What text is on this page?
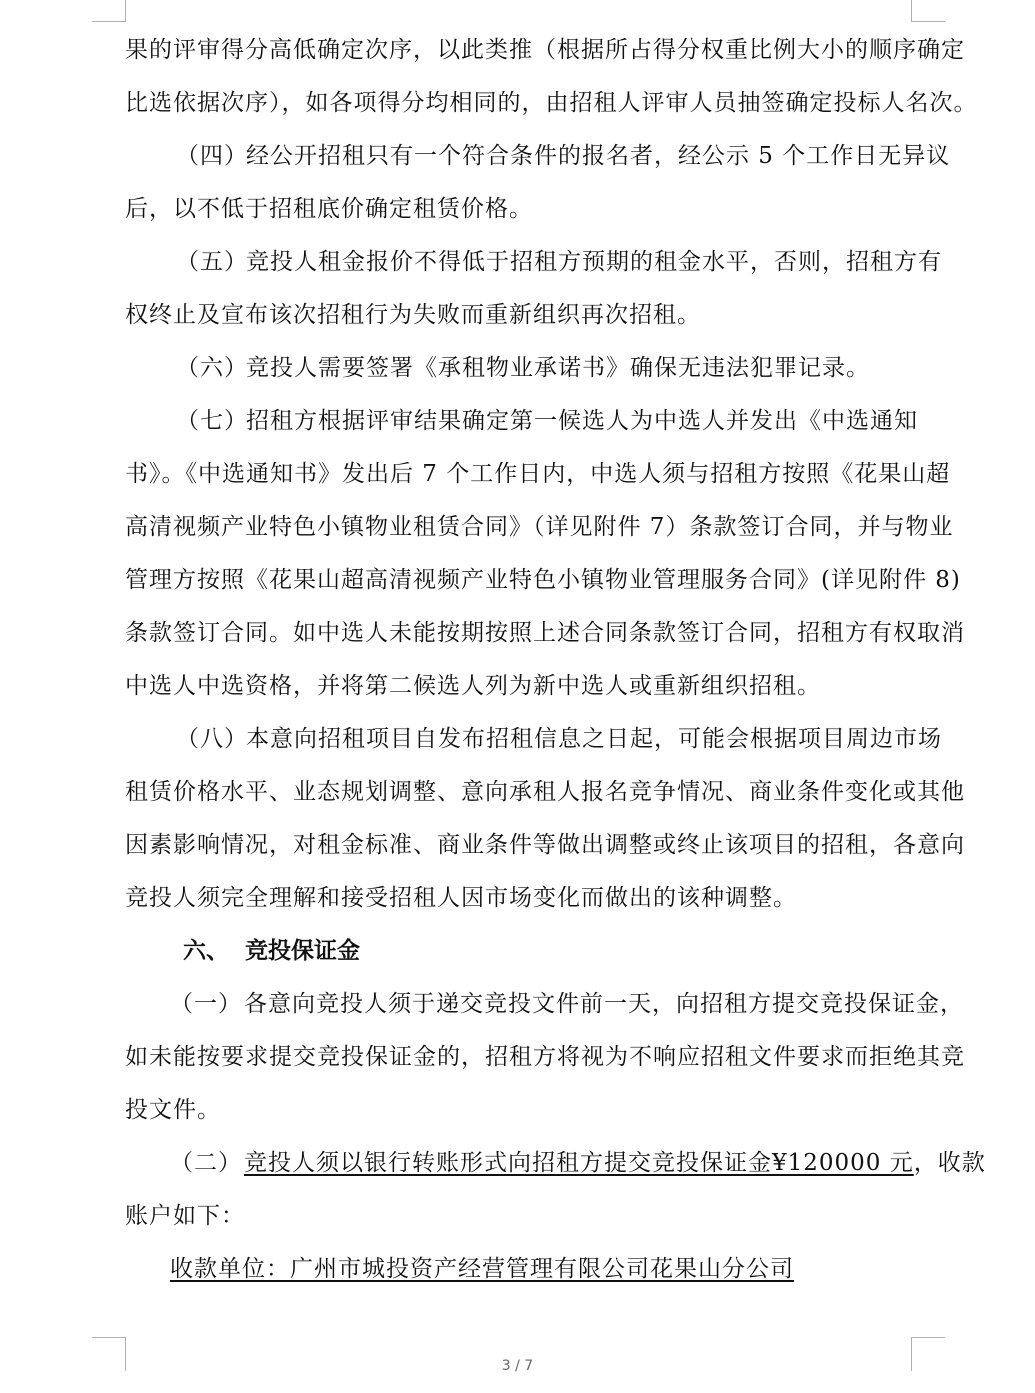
果的评审得分高低确定次序，以此类推（根据所占得分权重比例大小的顺序确定
比选依据次序），如各项得分均相同的，由招租人评审人员抽签确定投标人名次。
（四）经公开招租只有一个符合条件的报名者，经公示 5 个工作日无异议
后，以不低于招租底价确定租赁价格。
（五）竞投人租金报价不得低于招租方预期的租金水平，否则，招租方有
权终止及宣布该次招租行为失败而重新组织再次招租。
（六）竞投人需要签署《承租物业承诺书》确保无违法犯罪记录。
（七）招租方根据评审结果确定第一候选人为中选人并发出《中选通知
书》。《中选通知书》发出后 7 个工作日内，中选人须与招租方按照《花果山超
高清视频产业特色小镇物业租赁合同》（详见附件 7）条款签订合同，并与物业
管理方按照《花果山超高清视频产业特色小镇物业管理服务合同》(详见附件 8)
条款签订合同。如中选人未能按期按照上述合同条款签订合同，招租方有权取消
中选人中选资格，并将第二候选人列为新中选人或重新组织招租。
（八）本意向招租项目自发布招租信息之日起，可能会根据项目周边市场
租赁价格水平、业态规划调整、意向承租人报名竞争情况、商业条件变化或其他
因素影响情况，对租金标准、商业条件等做出调整或终止该项目的招租，各意向
竞投人须完全理解和接受招租人因市场变化而做出的该种调整。
六、 竞投保证金
（一）各意向竞投人须于递交竞投文件前一天，向招租方提交竞投保证金，
如未能按要求提交竞投保证金的，招租方将视为不响应招租文件要求而拒绝其竞
投文件。
（二）竞投人须以银行转账形式向招租方提交竞投保证金¥120000 元，收款
账户如下：
收款单位：广州市城投资产经营管理有限公司花果山分公司
3 / 7
